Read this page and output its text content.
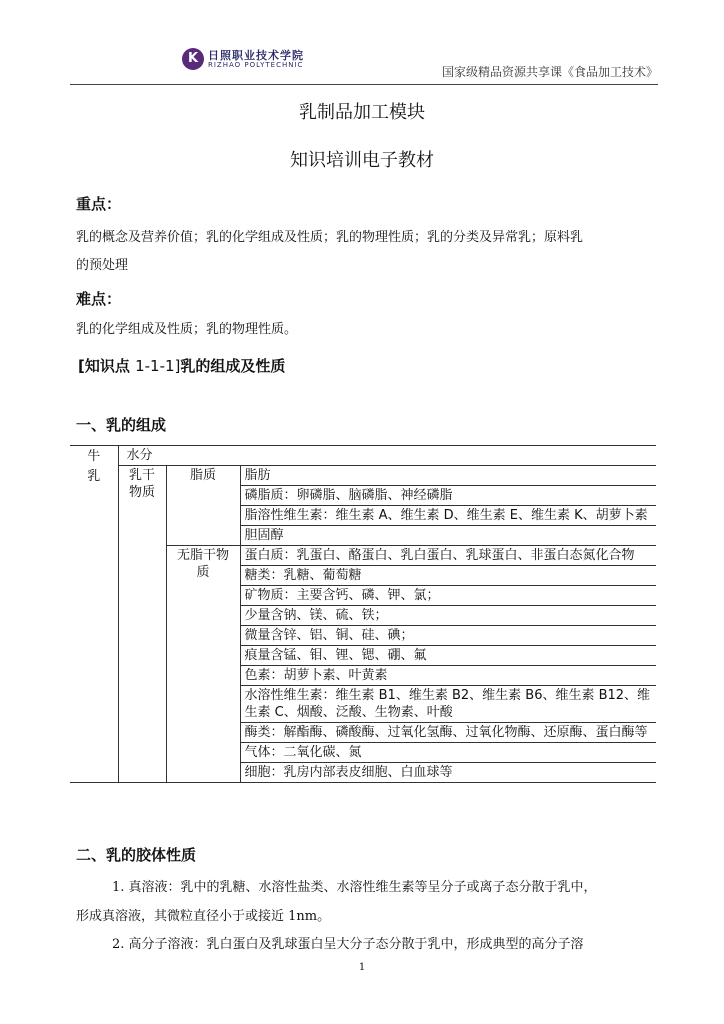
K 日照职业技术学院
RIZHAO POLYTECHNIC	国家级精品资源共享课《食品加工技术》
乳制品加工模块
知识培训电子教材
重点：
乳的概念及营养价值；乳的化学组成及性质；乳的物理性质；乳的分类及异常乳；原料乳
的预处理
难点：
乳的化学组成及性质；乳的物理性质。
[知识点 1-1-1]乳的组成及性质
一、乳的组成
牛乳	水分		

	乳干物质	脂质	脂肪
			磷脂质：卵磷脂、脑磷脂、神经磷脂
			脂溶性维生素：维生素 A、维生素 D、维生素 E、维生素 K、胡萝卜素
			胆固醇

		无脂干物质	蛋白质：乳蛋白、酪蛋白、乳白蛋白、乳球蛋白、非蛋白态氮化合物
			糖类：乳糖、葡萄糖
			矿物质：主要含钙、磷、钾、氯；
			少量含钠、镁、硫、铁；
			微量含锌、铝、铜、硅、碘；
			痕量含锰、钼、锂、锶、硼、氟
			色素：胡萝卜素、叶黄素
			水溶性维生素：维生素 B1、维生素 B2、维生素 B6、维生素 B12、维生素 C、烟酸、泛酸、生物素、叶酸
			酶类：解酯酶、磷酸酶、过氧化氢酶、过氧化物酶、还原酶、蛋白酶等
			气体：二氧化碳、氮
			细胞：乳房内部表皮细胞、白血球等
二、乳的胶体性质
1. 真溶液：乳中的乳糖、水溶性盐类、水溶性维生素等呈分子或离子态分散于乳中，
形成真溶液，其微粒直径小于或接近 1nm。
2. 高分子溶液：乳白蛋白及乳球蛋白呈大分子态分散于乳中，形成典型的高分子溶
1
